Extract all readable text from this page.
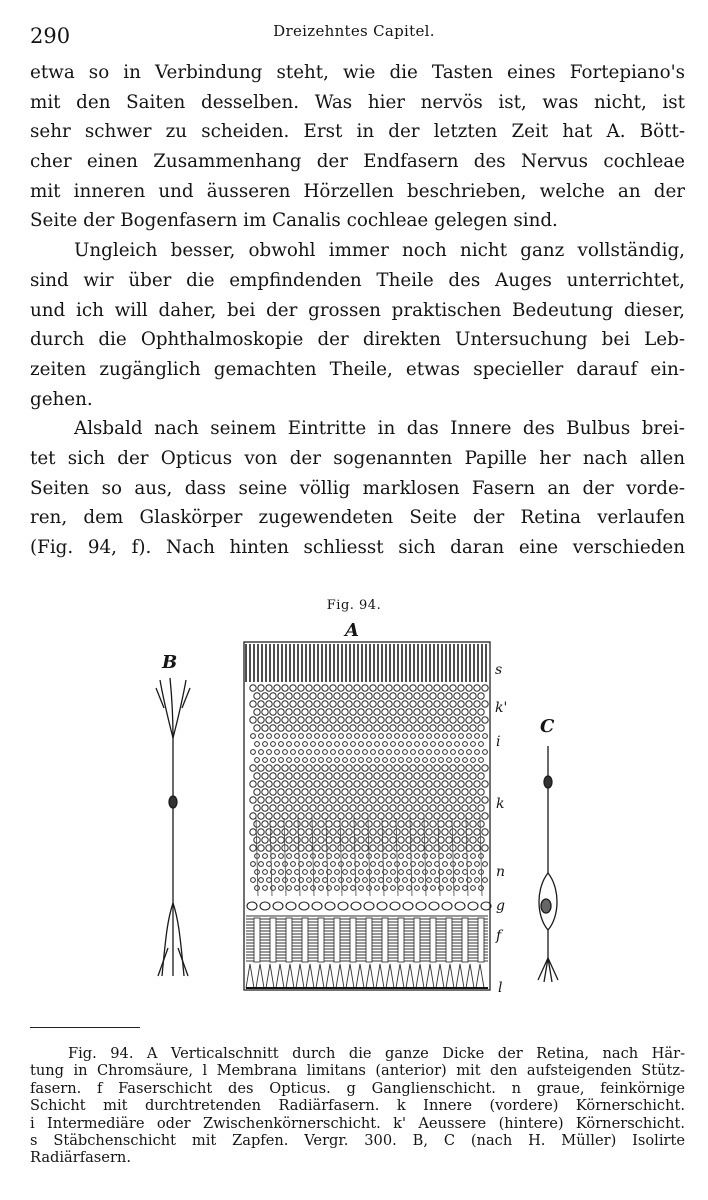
290	Dreizehntes Capitel.
etwa so in Verbindung steht, wie die Tasten eines Fortepiano's
mit den Saiten desselben. Was hier nervös ist, was nicht, ist
sehr schwer zu scheiden. Erst in der letzten Zeit hat A. Bött-
cher einen Zusammenhang der Endfasern des Nervus cochleae
mit inneren und äusseren Hörzellen beschrieben, welche an der
Seite der Bogenfasern im Canalis cochleae gelegen sind.
Ungleich besser, obwohl immer noch nicht ganz vollständig,
sind wir über die empfindenden Theile des Auges unterrichtet,
und ich will daher, bei der grossen praktischen Bedeutung dieser,
durch die Ophthalmoskopie der direkten Untersuchung bei Leb-
zeiten zugänglich gemachten Theile, etwas specieller darauf ein-
gehen.
Alsbald nach seinem Eintritte in das Innere des Bulbus brei-
tet sich der Opticus von der sogenannten Papille her nach allen
Seiten so aus, dass seine völlig marklosen Fasern an der vorde-
ren, dem Glaskörper zugewendeten Seite der Retina verlaufen
(Fig. 94, f). Nach hinten schliesst sich daran eine verschieden
Fig. 94.
A
B
C
s
k'
i
k
n
g
f
l
Fig. 94. A Verticalschnitt durch die ganze Dicke der Retina, nach Här-
tung in Chromsäure, l Membrana limitans (anterior) mit den aufsteigenden Stütz-
fasern. f Faserschicht des Opticus. g Ganglienschicht. n graue, feinkörnige
Schicht mit durchtretenden Radiärfasern. k Innere (vordere) Körnerschicht.
i Intermediäre oder Zwischenkörnerschicht. k' Aeussere (hintere) Körnerschicht.
s Stäbchenschicht mit Zapfen. Vergr. 300. B, C (nach H. Müller) Isolirte
Radiärfasern.
